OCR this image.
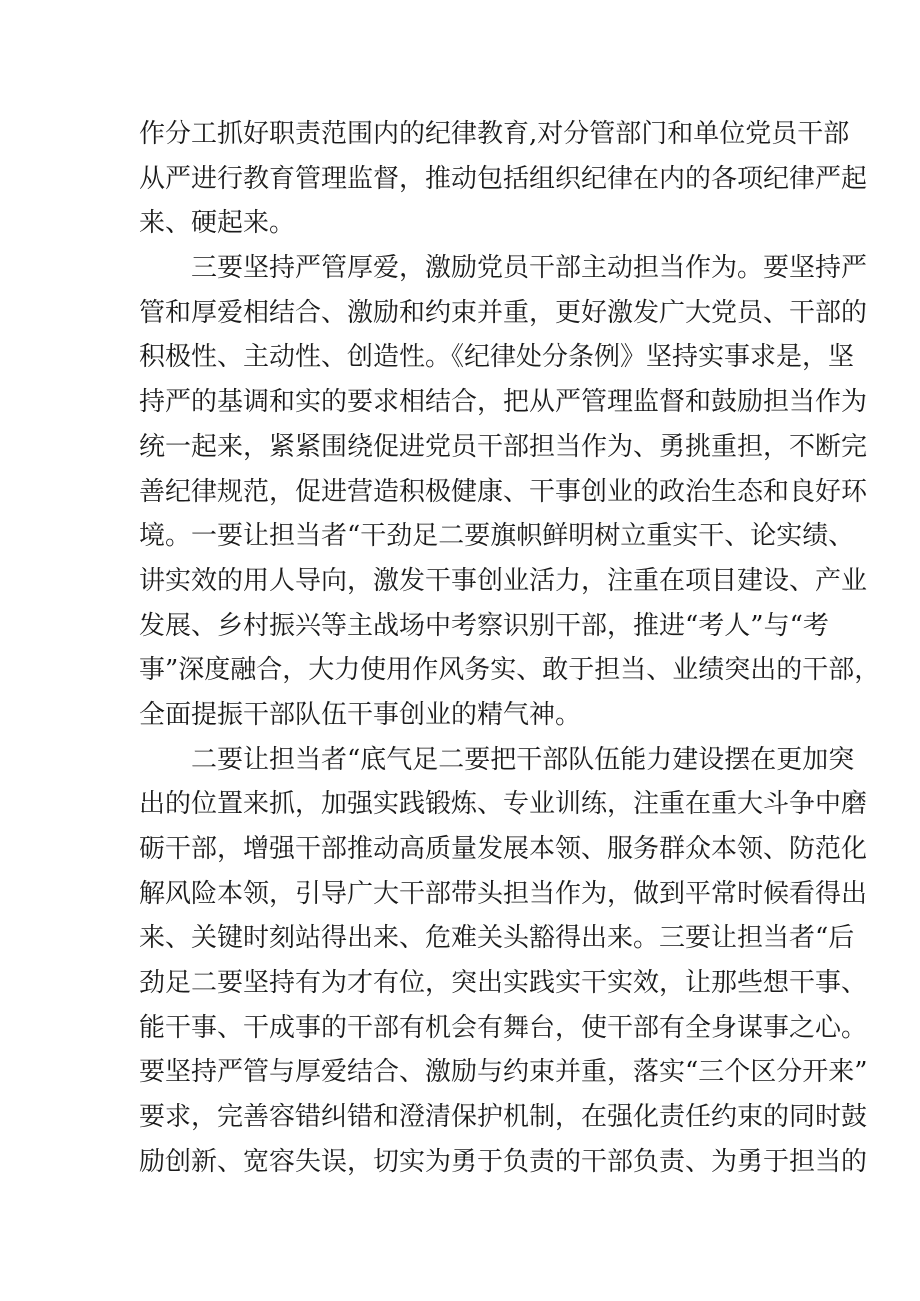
作分工抓好职责范围内的纪律教育,对分管部门和单位党员干部
从严进行教育管理监督，推动包括组织纪律在内的各项纪律严起
来、硬起来。
三要坚持严管厚爱，激励党员干部主动担当作为。要坚持严
管和厚爱相结合、激励和约束并重，更好激发广大党员、干部的
积极性、主动性、创造性。《纪律处分条例》坚持实事求是，坚
持严的基调和实的要求相结合，把从严管理监督和鼓励担当作为
统一起来，紧紧围绕促进党员干部担当作为、勇挑重担，不断完
善纪律规范，促进营造积极健康、干事创业的政治生态和良好环
境。一要让担当者“干劲足二要旗帜鲜明树立重实干、论实绩、
讲实效的用人导向，激发干事创业活力，注重在项目建设、产业
发展、乡村振兴等主战场中考察识别干部，推进“考人”与“考
事”深度融合，大力使用作风务实、敢于担当、业绩突出的干部，
全面提振干部队伍干事创业的精气神。
二要让担当者“底气足二要把干部队伍能力建设摆在更加突
出的位置来抓，加强实践锻炼、专业训练，注重在重大斗争中磨
砺干部，增强干部推动高质量发展本领、服务群众本领、防范化
解风险本领，引导广大干部带头担当作为，做到平常时候看得出
来、关键时刻站得出来、危难关头豁得出来。三要让担当者“后
劲足二要坚持有为才有位，突出实践实干实效，让那些想干事、
能干事、干成事的干部有机会有舞台，使干部有全身谋事之心。
要坚持严管与厚爱结合、激励与约束并重，落实“三个区分开来”
要求，完善容错纠错和澄清保护机制，在强化责任约束的同时鼓
励创新、宽容失误，切实为勇于负责的干部负责、为勇于担当的
